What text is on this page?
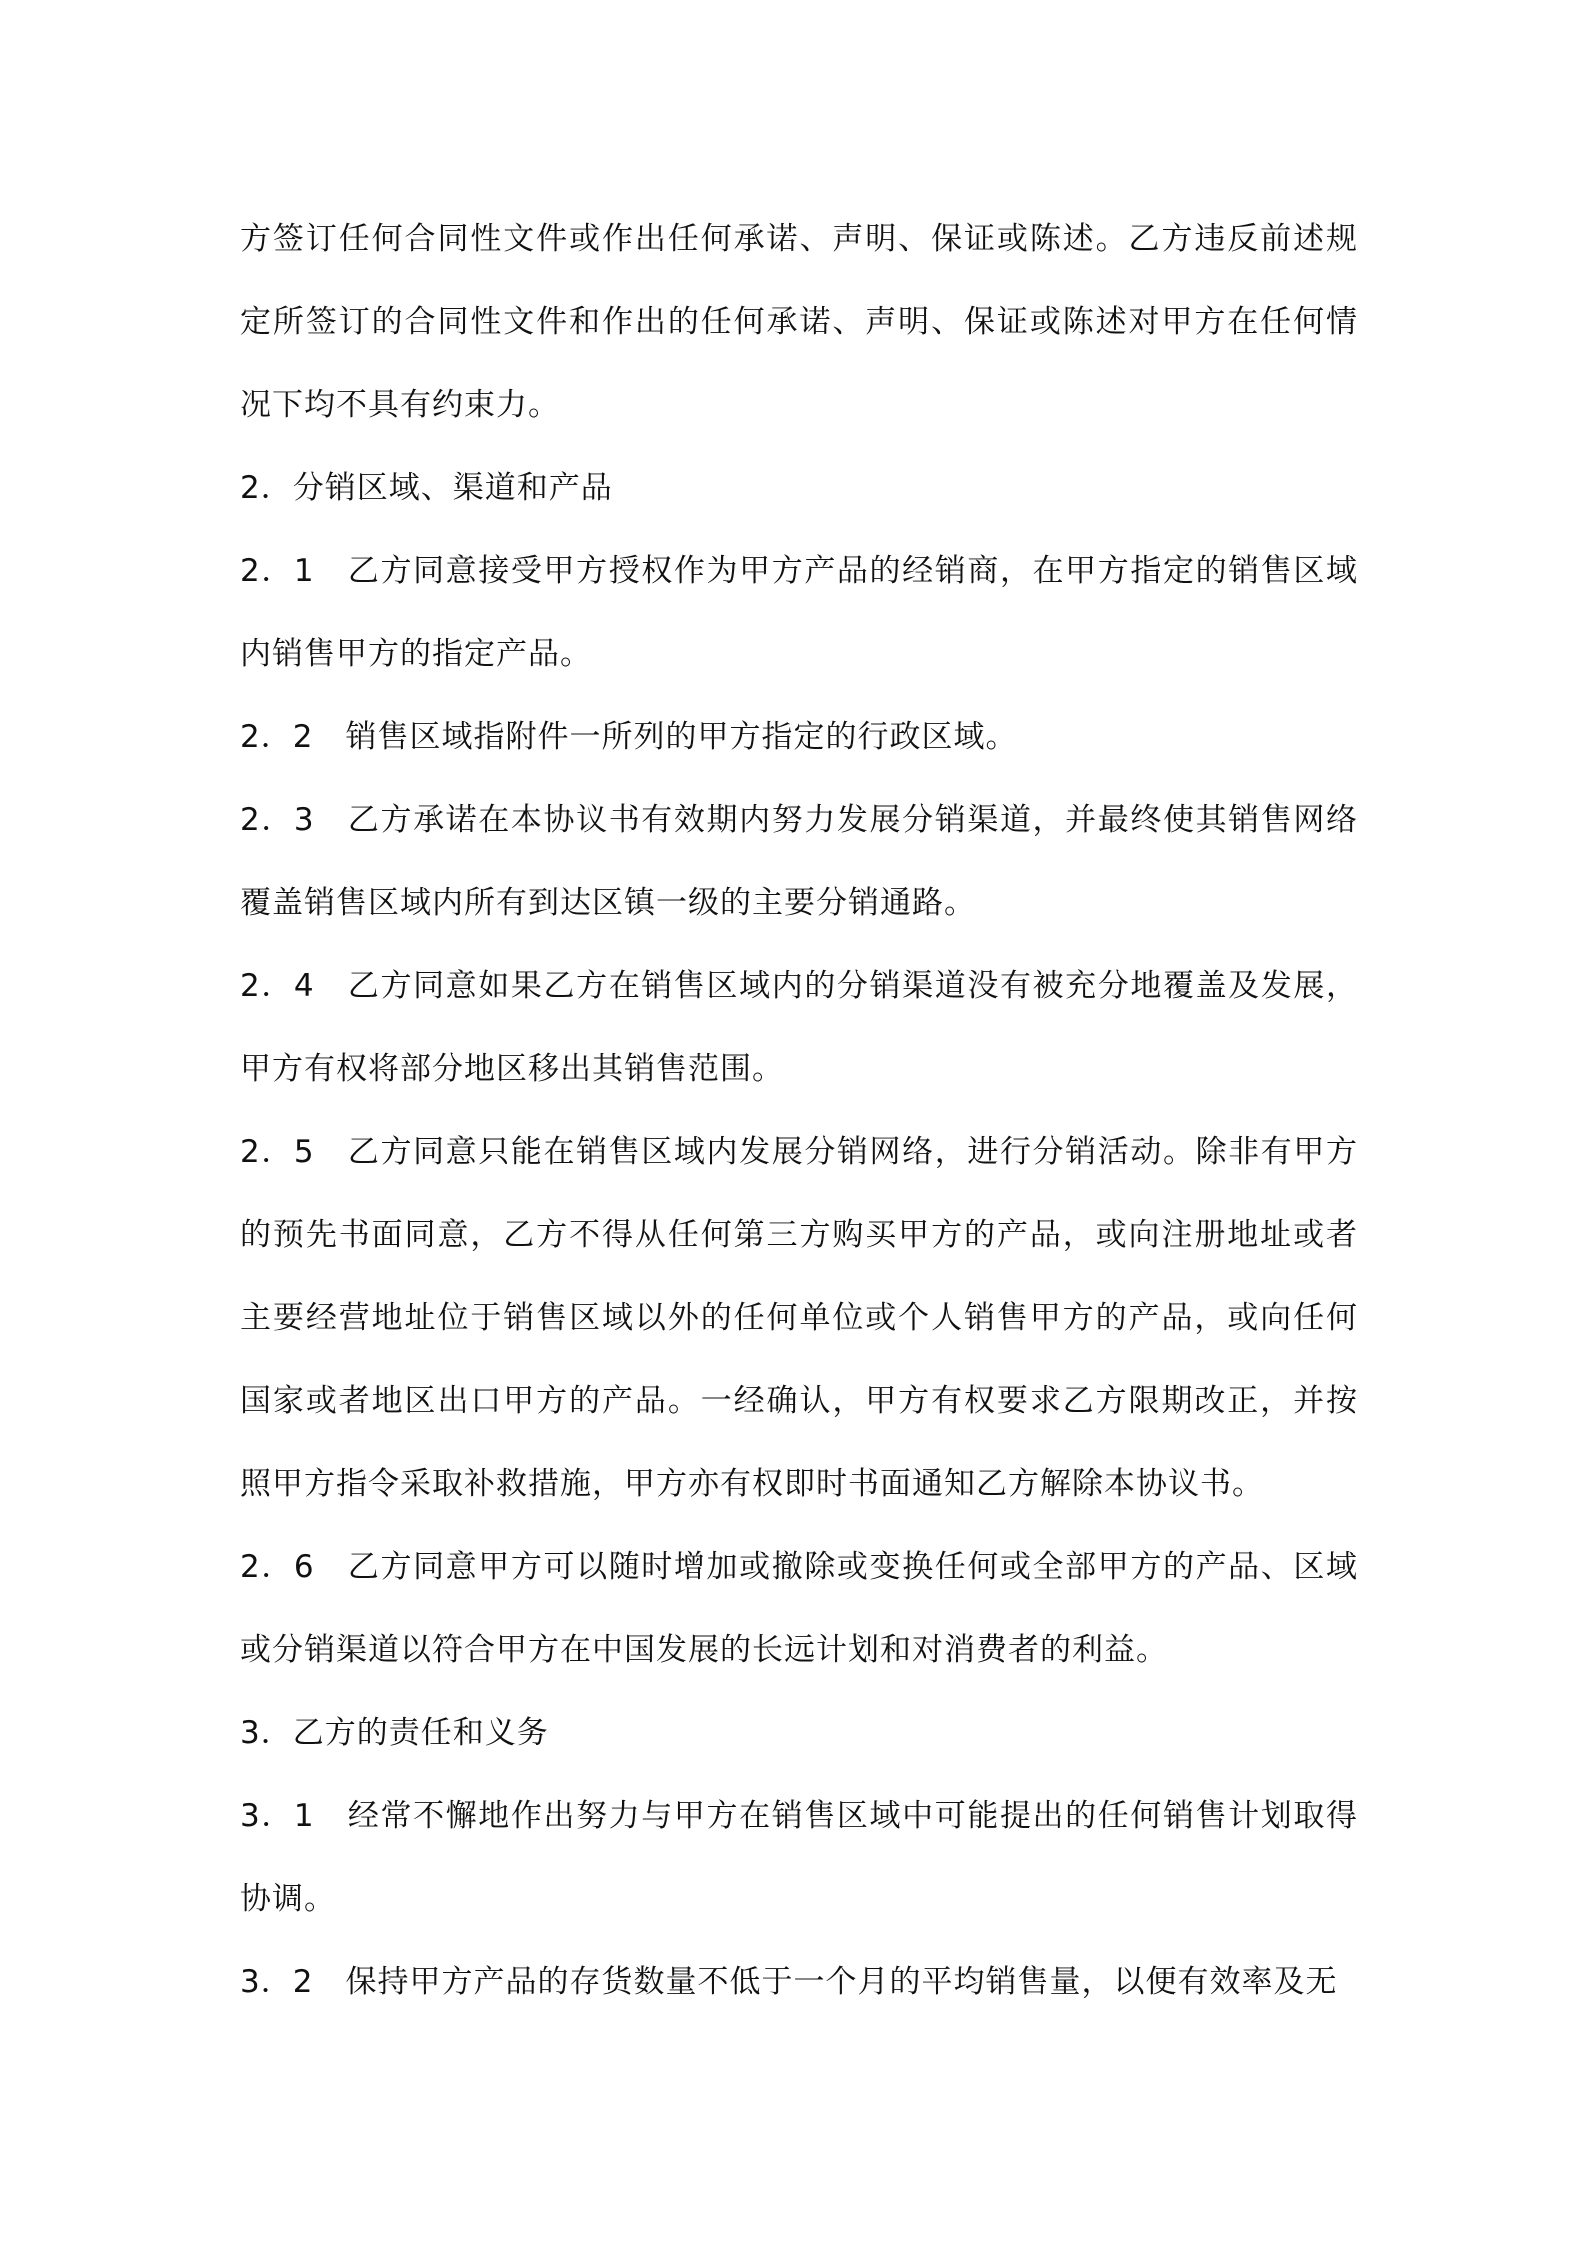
方签订任何合同性文件或作出任何承诺、声明、保证或陈述。乙方违反前述规定所签订的合同性文件和作出的任何承诺、声明、保证或陈述对甲方在任何情况下均不具有约束力。

2．分销区域、渠道和产品

2．1　乙方同意接受甲方授权作为甲方产品的经销商，在甲方指定的销售区域内销售甲方的指定产品。

2．2　销售区域指附件一所列的甲方指定的行政区域。

2．3　乙方承诺在本协议书有效期内努力发展分销渠道，并最终使其销售网络覆盖销售区域内所有到达区镇一级的主要分销通路。

2．4　乙方同意如果乙方在销售区域内的分销渠道没有被充分地覆盖及发展，甲方有权将部分地区移出其销售范围。

2．5　乙方同意只能在销售区域内发展分销网络，进行分销活动。除非有甲方的预先书面同意，乙方不得从任何第三方购买甲方的产品，或向注册地址或者主要经营地址位于销售区域以外的任何单位或个人销售甲方的产品，或向任何国家或者地区出口甲方的产品。一经确认，甲方有权要求乙方限期改正，并按照甲方指令采取补救措施，甲方亦有权即时书面通知乙方解除本协议书。

2．6　乙方同意甲方可以随时增加或撤除或变换任何或全部甲方的产品、区域或分销渠道以符合甲方在中国发展的长远计划和对消费者的利益。

3．乙方的责任和义务

3．1　经常不懈地作出努力与甲方在销售区域中可能提出的任何销售计划取得协调。

3．2　保持甲方产品的存货数量不低于一个月的平均销售量，以便有效率及无
